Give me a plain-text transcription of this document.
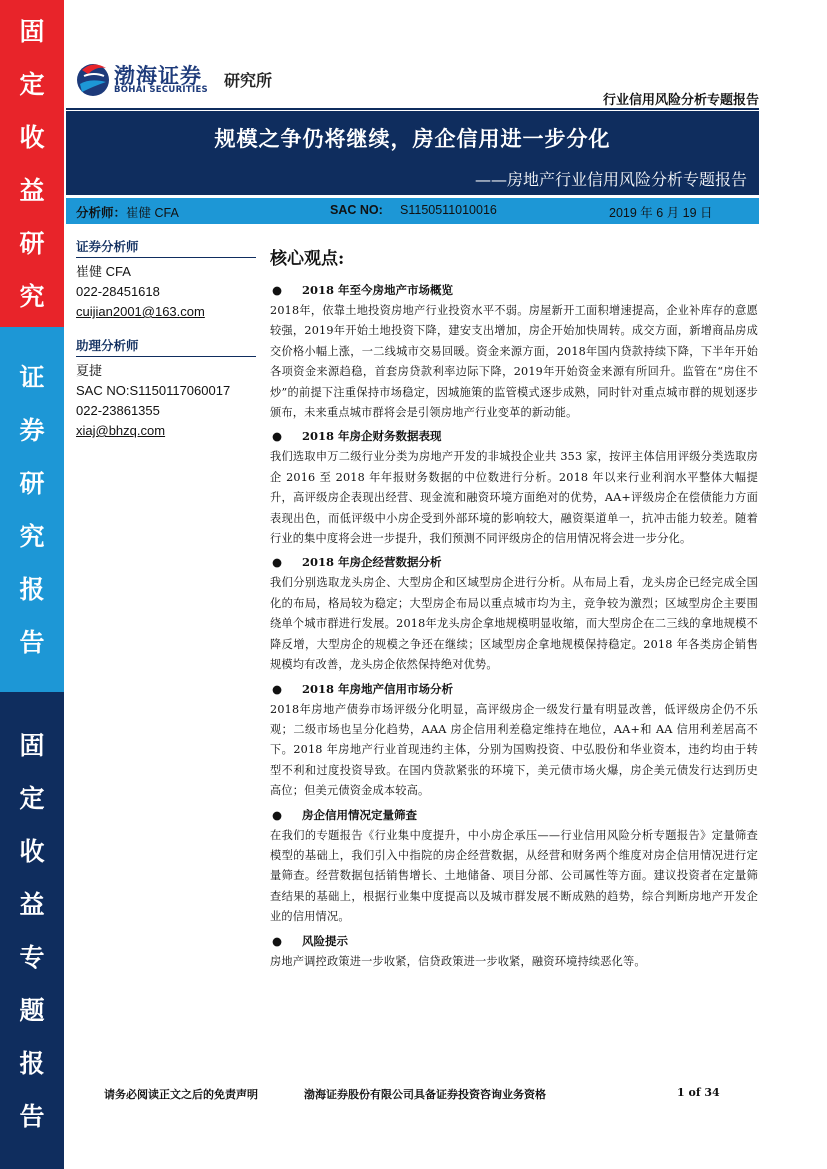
固
定
收
益
研
究
证
券
研
究
报
告
固
定
收
益
专
题
报
告
渤海证券
BOHAI SECURITIES 研究所
行业信用风险分析专题报告
规模之争仍将继续，房企信用进一步分化
——房地产行业信用风险分析专题报告
分析师： 崔健 CFA	SAC NO: S1150511010016	2019 年 6 月 19 日
证券分析师
崔健 CFA
022-28451618
cuijian2001@163.com
助理分析师
夏捷
SAC NO:S1150117060017
022-23861355
xiaj@bhzq.com
核心观点:
● 2018 年至今房地产市场概览
2018年，依靠土地投资房地产行业投资水平不弱。房屋新开工面积增速提高，企业补库存的意愿较强，2019年开始土地投资下降，建安支出增加，房企开始加快周转。成交方面，新增商品房成交价格小幅上涨，一二线城市交易回暖。资金来源方面，2018年国内贷款持续下降，下半年开始各项资金来源趋稳，首套房贷款利率边际下降，2019年开始资金来源有所回升。监管在“房住不炒”的前提下注重保持市场稳定，因城施策的监管模式逐步成熟，同时针对重点城市群的规划逐步颁布，未来重点城市群将会是引领房地产行业变革的新动能。
● 2018 年房企财务数据表现
我们选取申万二级行业分类为房地产开发的非城投企业共 353 家，按评主体信用评级分类选取房企 2016 至 2018 年年报财务数据的中位数进行分析。2018 年以来行业利润水平整体大幅提升，高评级房企表现出经营、现金流和融资环境方面绝对的优势，AA+评级房企在偿债能力方面表现出色，而低评级中小房企受到外部环境的影响较大，融资渠道单一，抗冲击能力较差。随着行业的集中度将会进一步提升，我们预测不同评级房企的信用情况将会进一步分化。
● 2018 年房企经营数据分析
我们分别选取龙头房企、大型房企和区域型房企进行分析。从布局上看，龙头房企已经完成全国化的布局，格局较为稳定；大型房企布局以重点城市均为主，竞争较为激烈；区域型房企主要围绕单个城市群进行发展。2018年龙头房企拿地规模明显收缩，而大型房企在二三线的拿地规模不降反增，大型房企的规模之争还在继续；区域型房企拿地规模保持稳定。2018 年各类房企销售规模均有改善，龙头房企依然保持绝对优势。
● 2018 年房地产信用市场分析
2018年房地产债券市场评级分化明显，高评级房企一级发行量有明显改善，低评级房企仍不乐观；二级市场也呈分化趋势，AAA 房企信用利差稳定维持在地位，AA+和 AA 信用利差居高不下。2018 年房地产行业首现违约主体，分别为国购投资、中弘股份和华业资本，违约均由于转型不利和过度投资导致。在国内贷款紧张的环境下，美元债市场火爆，房企美元债发行达到历史高位；但美元债资金成本较高。
● 房企信用情况定量筛查
在我们的专题报告《行业集中度提升，中小房企承压——行业信用风险分析专题报告》定量筛查模型的基础上，我们引入中指院的房企经营数据，从经营和财务两个维度对房企信用情况进行定量筛查。经营数据包括销售增长、土地储备、项目分部、公司属性等方面。建议投资者在定量筛查结果的基础上，根据行业集中度提高以及城市群发展不断成熟的趋势，综合判断房地产开发企业的信用情况。
● 风险提示
房地产调控政策进一步收紧，信贷政策进一步收紧，融资环境持续恶化等。
请务必阅读正文之后的免责声明	渤海证券股份有限公司具备证券投资咨询业务资格	1 of 34
